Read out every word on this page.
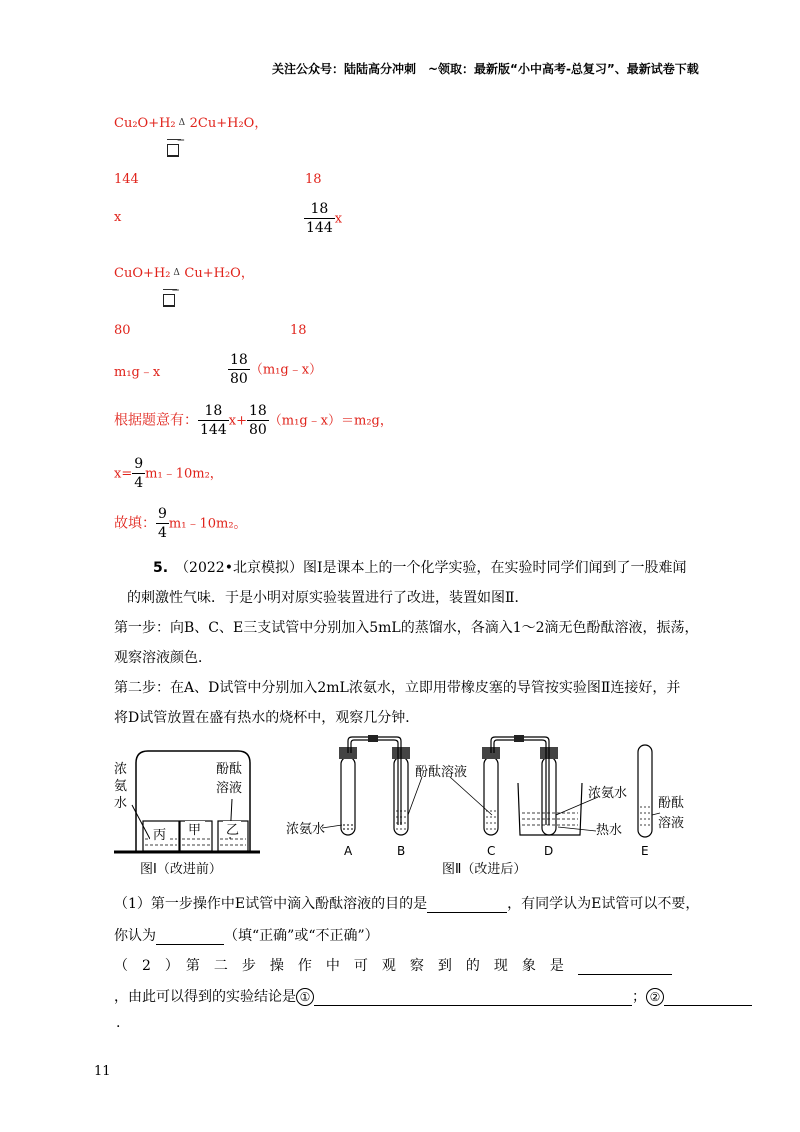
关注公众号：陆陆高分冲刺　~领取：最新版“小中高考-总复习”、最新试卷下载
Cu₂O+H₂ Δ
‗
2Cu+H₂O，
144	18
x	$\frac{18}{144}$ x
CuO+H₂ Δ
‗
Cu+H₂O，
80	18
m₁g﹣x	$\frac{18}{80}$ （m₁g﹣x）
根据题意有： $\frac{18}{144} x+ \frac{18}{80}$ （m₁g﹣x）＝m₂g，
$x= \frac{9}{4}$ m₁﹣10m₂，
故填： $\frac{9}{4}$ m₁﹣10m₂。
5.　 （2022•北京模拟）图Ⅰ是课本上的一个化学实验，在实验时同学们闻到了一股难闻
的刺激性气味．于是小明对原实验装置进行了改进，装置如图Ⅱ．
第一步：向B、C、E三支试管中分别加入5mL的蒸馏水，各滴入1～2滴无色酚酞溶液，振荡，
观察溶液颜色．
第二步：在A、D试管中分别加入2mL浓氨水，立即用带橡皮塞的导管按实验图Ⅱ连接好，并
将D试管放置在盛有热水的烧杯中，观察几分钟．
丙 甲 乙
浓
氨
水
酚酞
溶液
图Ⅰ（改进前）
浓氨水
酚酞溶液
浓氨水
热水
酚酞
溶液
A	B	C	D	E
图Ⅱ（改进后）
（1）第一步操作中E试管中滴入酚酞溶液的目的是	，有同学认为E试管可以不要，
你认为	（填“正确”或“不正确”）
（　2　）　第　二　步　操　作　中　可　观　察　到　的　现　象　是　
，由此可以得到的实验结论是 ①	； ②
.
11
